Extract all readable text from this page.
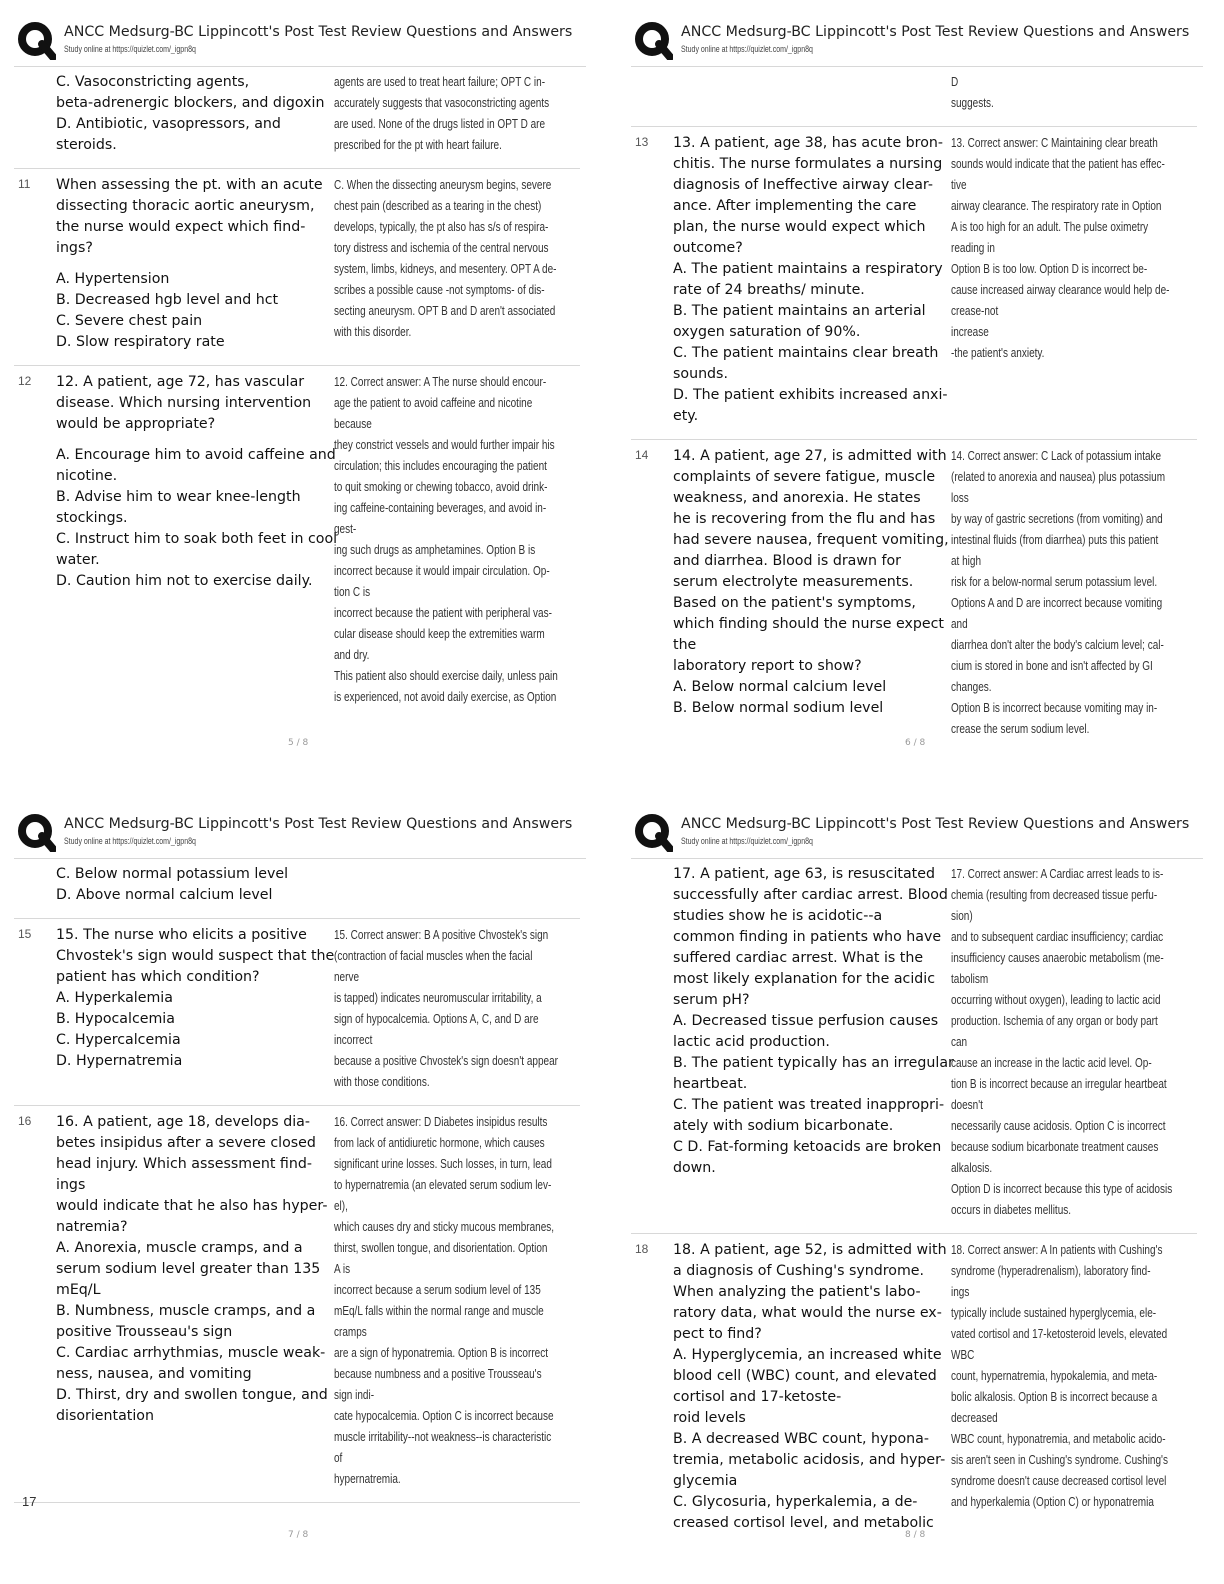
ANCC Medsurg-BC Lippincott's Post Test Review Questions and Answers
Study online at https://quizlet.com/_igpn8q
C. Vasoconstricting agents,
beta-adrenergic blockers, and digoxin
D. Antibiotic, vasopressors, and
steroids.
agents are used to treat heart failure; OPT C in-
accurately suggests that vasoconstricting agents
are used. None of the drugs listed in OPT D are
prescribed for the pt with heart failure.
11 When assessing the pt. with an acute
dissecting thoracic aortic aneurysm,
the nurse would expect which find-
ings?
A. Hypertension
B. Decreased hgb level and hct
C. Severe chest pain
D. Slow respiratory rate
C. When the dissecting aneurysm begins, severe
chest pain (described as a tearing in the chest)
develops, typically, the pt also has s/s of respira-
tory distress and ischemia of the central nervous
system, limbs, kidneys, and mesentery. OPT A de-
scribes a possible cause -not symptoms- of dis-
secting aneurysm. OPT B and D aren't associated
with this disorder.
12 12. A patient, age 72, has vascular
disease. Which nursing intervention
would be appropriate?
A. Encourage him to avoid caffeine and
nicotine.
B. Advise him to wear knee-length
stockings.
C. Instruct him to soak both feet in cool
water.
D. Caution him not to exercise daily.
12. Correct answer: A The nurse should encour-
age the patient to avoid caffeine and nicotine
because
they constrict vessels and would further impair his
circulation; this includes encouraging the patient
to quit smoking or chewing tobacco, avoid drink-
ing caffeine-containing beverages, and avoid in-
gest-
ing such drugs as amphetamines. Option B is
incorrect because it would impair circulation. Op-
tion C is
incorrect because the patient with peripheral vas-
cular disease should keep the extremities warm
and dry.
This patient also should exercise daily, unless pain
is experienced, not avoid daily exercise, as Option
5 / 8
ANCC Medsurg-BC Lippincott's Post Test Review Questions and Answers
Study online at https://quizlet.com/_igpn8q
D
suggests.
13 13. A patient, age 38, has acute bron-
chitis. The nurse formulates a nursing
diagnosis of Ineffective airway clear-
ance. After implementing the care
plan, the nurse would expect which
outcome?
A. The patient maintains a respiratory
rate of 24 breaths/ minute.
B. The patient maintains an arterial
oxygen saturation of 90%.
C. The patient maintains clear breath
sounds.
D. The patient exhibits increased anxi-
ety.
13. Correct answer: C Maintaining clear breath
sounds would indicate that the patient has effec-
tive
airway clearance. The respiratory rate in Option
A is too high for an adult. The pulse oximetry
reading in
Option B is too low. Option D is incorrect be-
cause increased airway clearance would help de-
crease-not
increase
-the patient's anxiety.
14 14. A patient, age 27, is admitted with
complaints of severe fatigue, muscle
weakness, and anorexia. He states
he is recovering from the flu and has
had severe nausea, frequent vomiting,
and diarrhea. Blood is drawn for
serum electrolyte measurements.
Based on the patient's symptoms,
which finding should the nurse expect
the
laboratory report to show?
A. Below normal calcium level
B. Below normal sodium level
14. Correct answer: C Lack of potassium intake
(related to anorexia and nausea) plus potassium
loss
by way of gastric secretions (from vomiting) and
intestinal fluids (from diarrhea) puts this patient
at high
risk for a below-normal serum potassium level.
Options A and D are incorrect because vomiting
and
diarrhea don't alter the body's calcium level; cal-
cium is stored in bone and isn't affected by GI
changes.
Option B is incorrect because vomiting may in-
crease the serum sodium level.
6 / 8
ANCC Medsurg-BC Lippincott's Post Test Review Questions and Answers
Study online at https://quizlet.com/_igpn8q
C. Below normal potassium level
D. Above normal calcium level
15 15. The nurse who elicits a positive
Chvostek's sign would suspect that the
patient has which condition?
A. Hyperkalemia
B. Hypocalcemia
C. Hypercalcemia
D. Hypernatremia
15. Correct answer: B A positive Chvostek's sign
(contraction of facial muscles when the facial
nerve
is tapped) indicates neuromuscular irritability, a
sign of hypocalcemia. Options A, C, and D are
incorrect
because a positive Chvostek's sign doesn't appear
with those conditions.
16 16. A patient, age 18, develops dia-
betes insipidus after a severe closed
head injury. Which assessment find-
ings
would indicate that he also has hyper-
natremia?
A. Anorexia, muscle cramps, and a
serum sodium level greater than 135
mEq/L
B. Numbness, muscle cramps, and a
positive Trousseau's sign
C. Cardiac arrhythmias, muscle weak-
ness, nausea, and vomiting
D. Thirst, dry and swollen tongue, and
disorientation
16. Correct answer: D Diabetes insipidus results
from lack of antidiuretic hormone, which causes
significant urine losses. Such losses, in turn, lead
to hypernatremia (an elevated serum sodium lev-
el),
which causes dry and sticky mucous membranes,
thirst, swollen tongue, and disorientation. Option
A is
incorrect because a serum sodium level of 135
mEq/L falls within the normal range and muscle
cramps
are a sign of hyponatremia. Option B is incorrect
because numbness and a positive Trousseau's
sign indi-
cate hypocalcemia. Option C is incorrect because
muscle irritability--not weakness--is characteristic
of
hypernatremia.
17
7 / 8
ANCC Medsurg-BC Lippincott's Post Test Review Questions and Answers
Study online at https://quizlet.com/_igpn8q
17. A patient, age 63, is resuscitated
successfully after cardiac arrest. Blood
studies show he is acidotic--a
common finding in patients who have
suffered cardiac arrest. What is the
most likely explanation for the acidic
serum pH?
A. Decreased tissue perfusion causes
lactic acid production.
B. The patient typically has an irregular
heartbeat.
C. The patient was treated inappropri-
ately with sodium bicarbonate.
C D. Fat-forming ketoacids are broken
down.
17. Correct answer: A Cardiac arrest leads to is-
chemia (resulting from decreased tissue perfu-
sion)
and to subsequent cardiac insufficiency; cardiac
insufficiency causes anaerobic metabolism (me-
tabolism
occurring without oxygen), leading to lactic acid
production. Ischemia of any organ or body part
can
cause an increase in the lactic acid level. Op-
tion B is incorrect because an irregular heartbeat
doesn't
necessarily cause acidosis. Option C is incorrect
because sodium bicarbonate treatment causes
alkalosis.
Option D is incorrect because this type of acidosis
occurs in diabetes mellitus.
18 18. A patient, age 52, is admitted with
a diagnosis of Cushing's syndrome.
When analyzing the patient's labo-
ratory data, what would the nurse ex-
pect to find?
A. Hyperglycemia, an increased white
blood cell (WBC) count, and elevated
cortisol and 17-ketoste-
roid levels
B. A decreased WBC count, hypona-
tremia, metabolic acidosis, and hyper-
glycemia
C. Glycosuria, hyperkalemia, a de-
creased cortisol level, and metabolic
18. Correct answer: A In patients with Cushing's
syndrome (hyperadrenalism), laboratory find-
ings
typically include sustained hyperglycemia, ele-
vated cortisol and 17-ketosteroid levels, elevated
WBC
count, hypernatremia, hypokalemia, and meta-
bolic alkalosis. Option B is incorrect because a
decreased
WBC count, hyponatremia, and metabolic acido-
sis aren't seen in Cushing's syndrome. Cushing's
syndrome doesn't cause decreased cortisol level
and hyperkalemia (Option C) or hyponatremia
8 / 8
